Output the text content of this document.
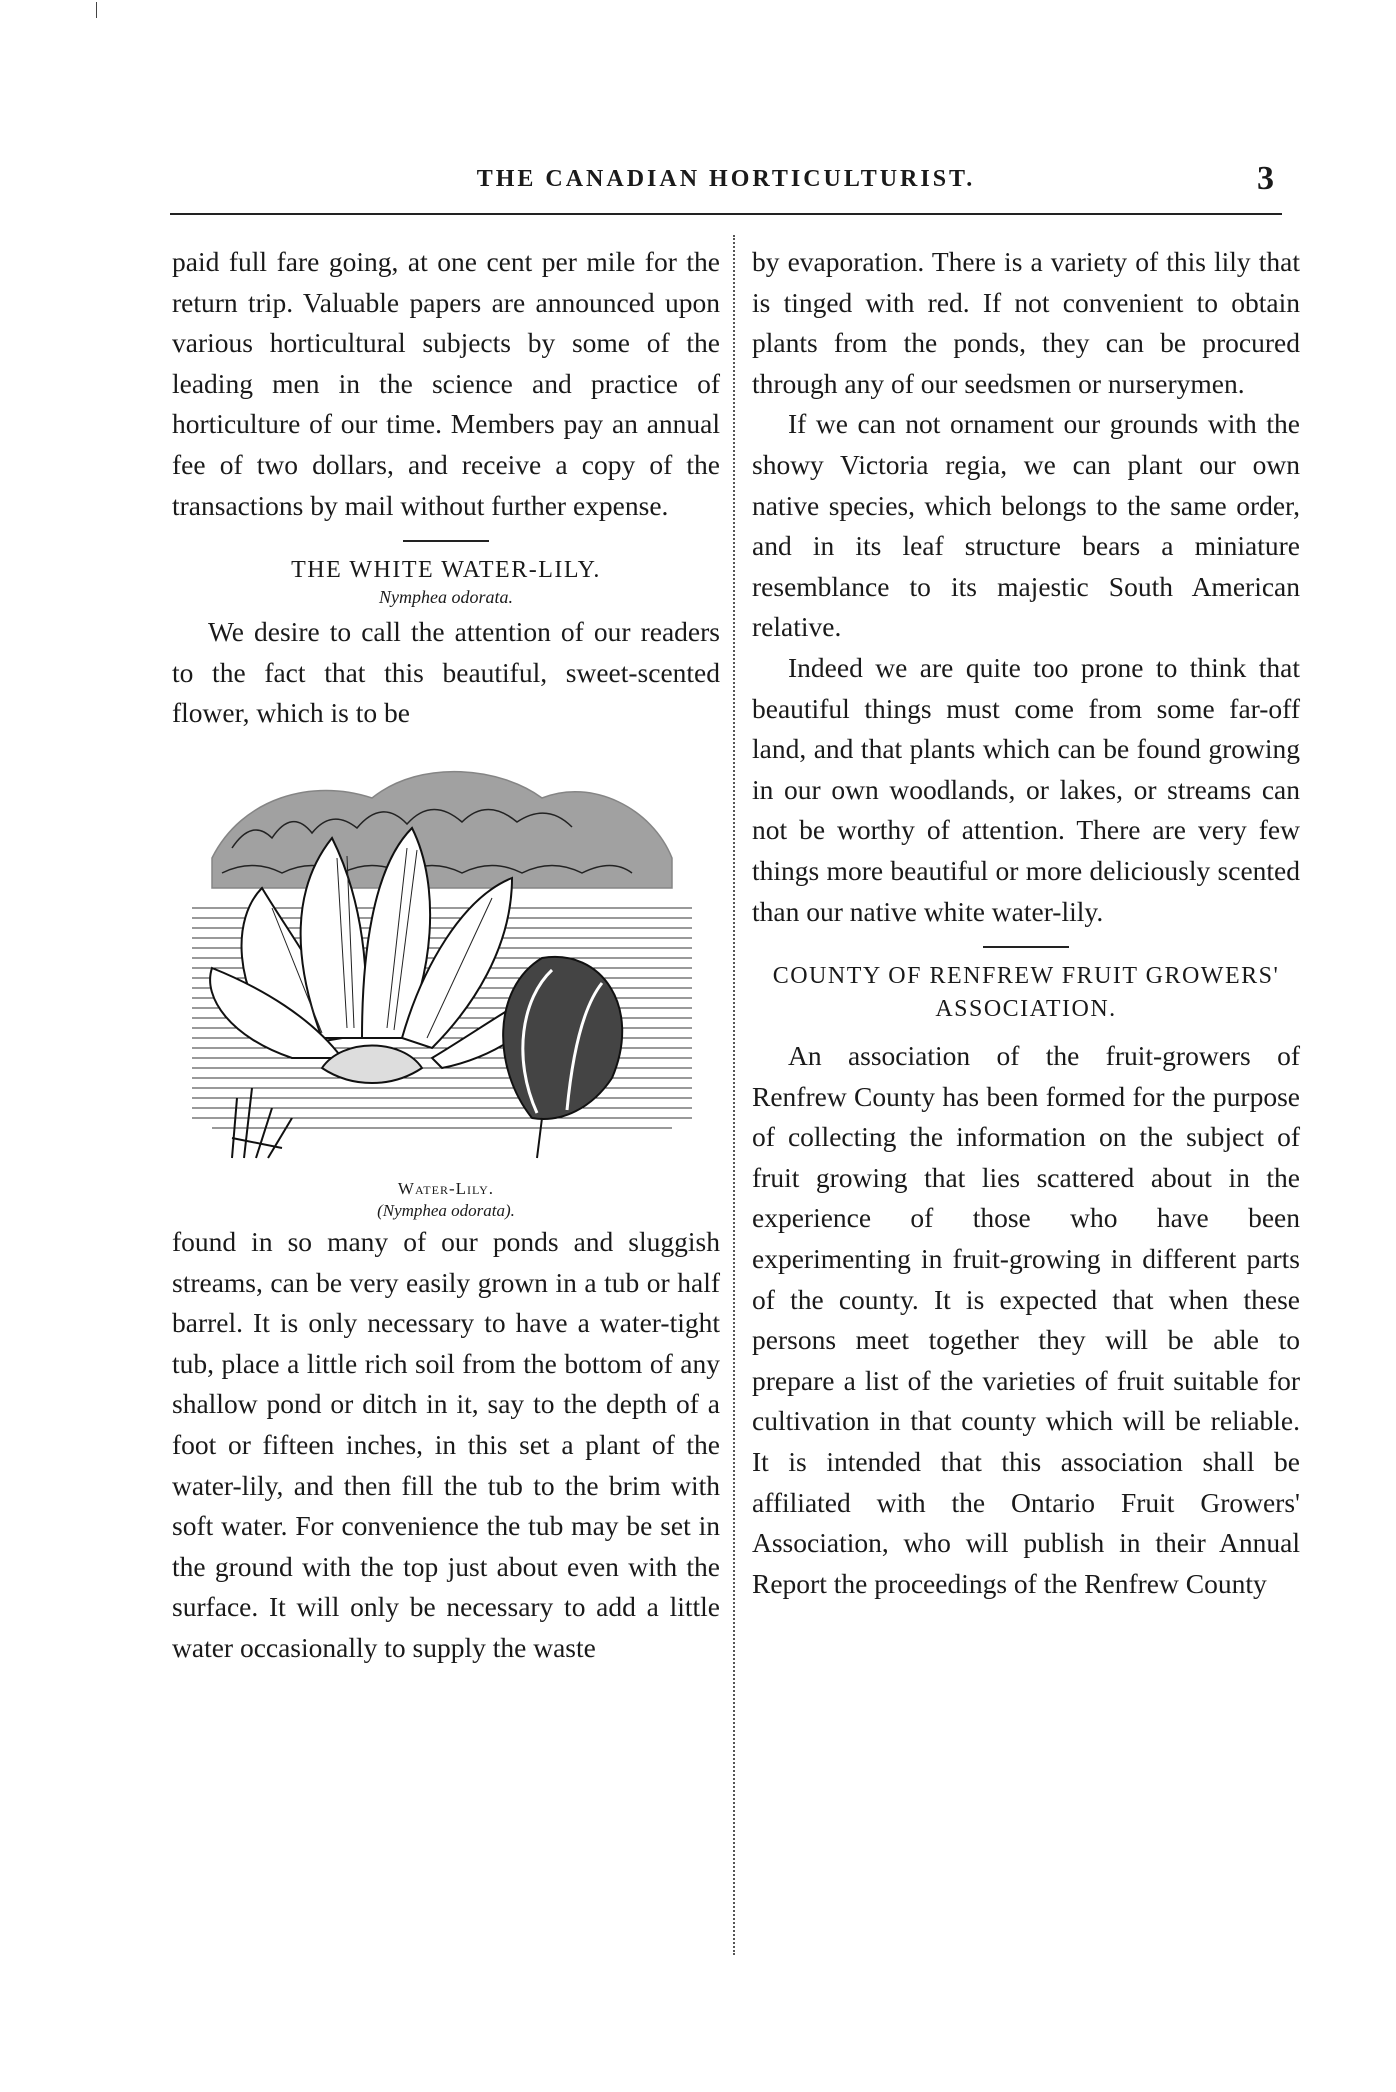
THE CANADIAN HORTICULTURIST.	3

paid full fare going, at one cent per mile for the return trip. Valuable papers are announced upon various horticultural subjects by some of the leading men in the science and practice of horticulture of our time. Members pay an annual fee of two dollars, and receive a copy of the transactions by mail without further expense.

THE WHITE WATER-LILY.
Nymphea odorata.

We desire to call the attention of our readers to the fact that this beautiful, sweet-scented flower, which is to be

Water-Lily.
(Nymphea odorata).

found in so many of our ponds and sluggish streams, can be very easily grown in a tub or half barrel. It is only necessary to have a water-tight tub, place a little rich soil from the bottom of any shallow pond or ditch in it, say to the depth of a foot or fifteen inches, in this set a plant of the water-lily, and then fill the tub to the brim with soft water. For convenience the tub may be set in the ground with the top just about even with the surface. It will only be necessary to add a little water occasionally to supply the waste

by evaporation. There is a variety of this lily that is tinged with red. If not convenient to obtain plants from the ponds, they can be procured through any of our seedsmen or nurserymen.

If we can not ornament our grounds with the showy Victoria regia, we can plant our own native species, which belongs to the same order, and in its leaf structure bears a miniature resemblance to its majestic South American relative.

Indeed we are quite too prone to think that beautiful things must come from some far-off land, and that plants which can be found growing in our own woodlands, or lakes, or streams can not be worthy of attention. There are very few things more beautiful or more deliciously scented than our native white water-lily.

COUNTY OF RENFREW FRUIT GROWERS' ASSOCIATION.

An association of the fruit-growers of Renfrew County has been formed for the purpose of collecting the information on the subject of fruit growing that lies scattered about in the experience of those who have been experimenting in fruit-growing in different parts of the county. It is expected that when these persons meet together they will be able to prepare a list of the varieties of fruit suitable for cultivation in that county which will be reliable. It is intended that this association shall be affiliated with the Ontario Fruit Growers' Association, who will publish in their Annual Report the proceedings of the Renfrew County
